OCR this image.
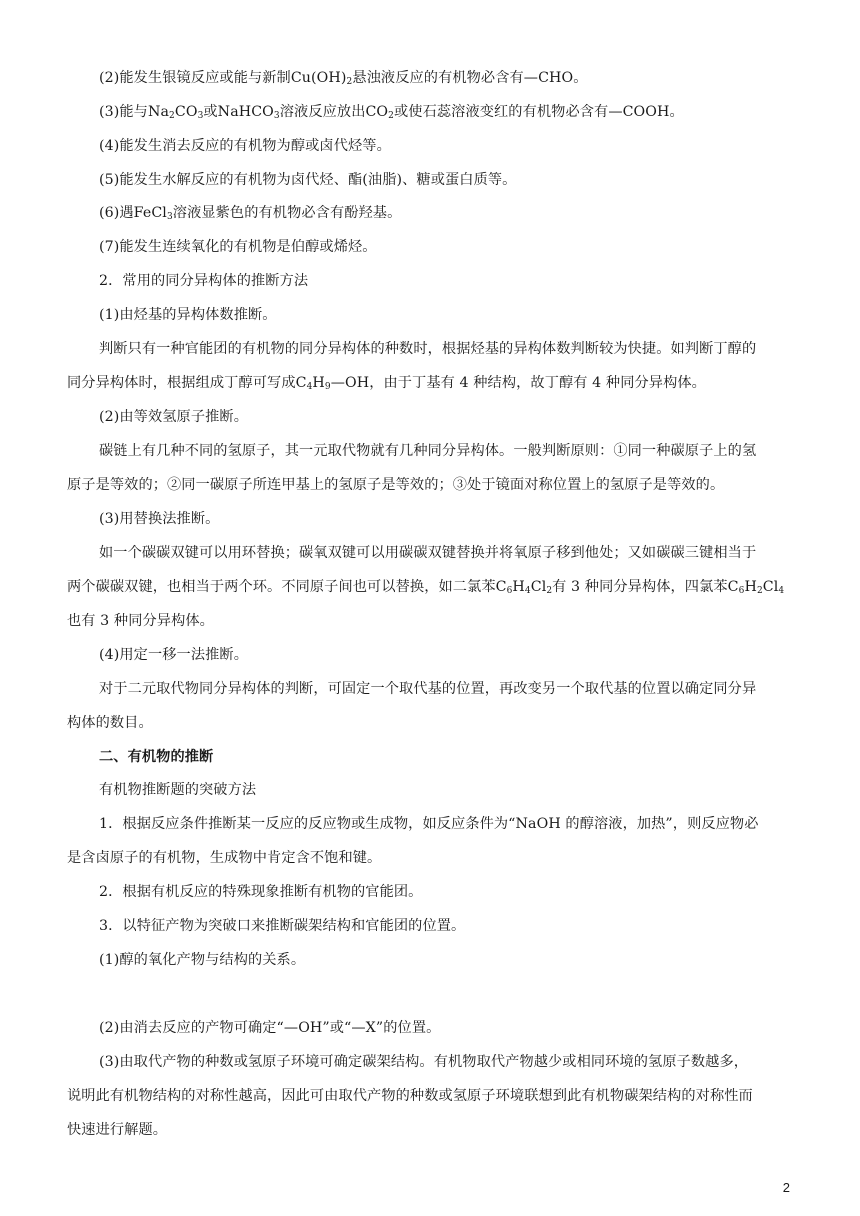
(2)能发生银镜反应或能与新制$Cu(OH)_2$悬浊液反应的有机物必含有—CHO。
(3)能与$Na_2CO_3$或NaHCO$_3$溶液反应放出$CO_2$或使石蕊溶液变红的有机物必含有—COOH。
(4)能发生消去反应的有机物为醇或卤代烃等。
(5)能发生水解反应的有机物为卤代烃、酯(油脂)、糖或蛋白质等。
(6)遇FeCl$_3$溶液显紫色的有机物必含有酚羟基。
(7)能发生连续氧化的有机物是伯醇或烯烃。
2．常用的同分异构体的推断方法
(1)由烃基的异构体数推断。
判断只有一种官能团的有机物的同分异构体的种数时，根据烃基的异构体数判断较为快捷。如判断丁醇的
同分异构体时，根据组成丁醇可写成$C_4H_9—OH$，由于丁基有 4 种结构，故丁醇有 4 种同分异构体。
(2)由等效氢原子推断。
碳链上有几种不同的氢原子，其一元取代物就有几种同分异构体。一般判断原则：①同一种碳原子上的氢
原子是等效的；②同一碳原子所连甲基上的氢原子是等效的；③处于镜面对称位置上的氢原子是等效的。
(3)用替换法推断。
如一个碳碳双键可以用环替换；碳氧双键可以用碳碳双键替换并将氧原子移到他处；又如碳碳三键相当于
两个碳碳双键，也相当于两个环。不同原子间也可以替换，如二氯苯$C_6H_4Cl_2$有 3 种同分异构体，四氯苯$C_6H_2Cl_4$
也有 3 种同分异构体。
(4)用定一移一法推断。
对于二元取代物同分异构体的判断，可固定一个取代基的位置，再改变另一个取代基的位置以确定同分异
构体的数目。
二、有机物的推断
有机物推断题的突破方法
1．根据反应条件推断某一反应的反应物或生成物，如反应条件为“NaOH 的醇溶液，加热”，则反应物必
是含卤原子的有机物，生成物中肯定含不饱和键。
2．根据有机反应的特殊现象推断有机物的官能团。
3．以特征产物为突破口来推断碳架结构和官能团的位置。
(1)醇的氧化产物与结构的关系。
(2)由消去反应的产物可确定“—OH”或“—X”的位置。
(3)由取代产物的种数或氢原子环境可确定碳架结构。有机物取代产物越少或相同环境的氢原子数越多，
说明此有机物结构的对称性越高，因此可由取代产物的种数或氢原子环境联想到此有机物碳架结构的对称性而
快速进行解题。
2
